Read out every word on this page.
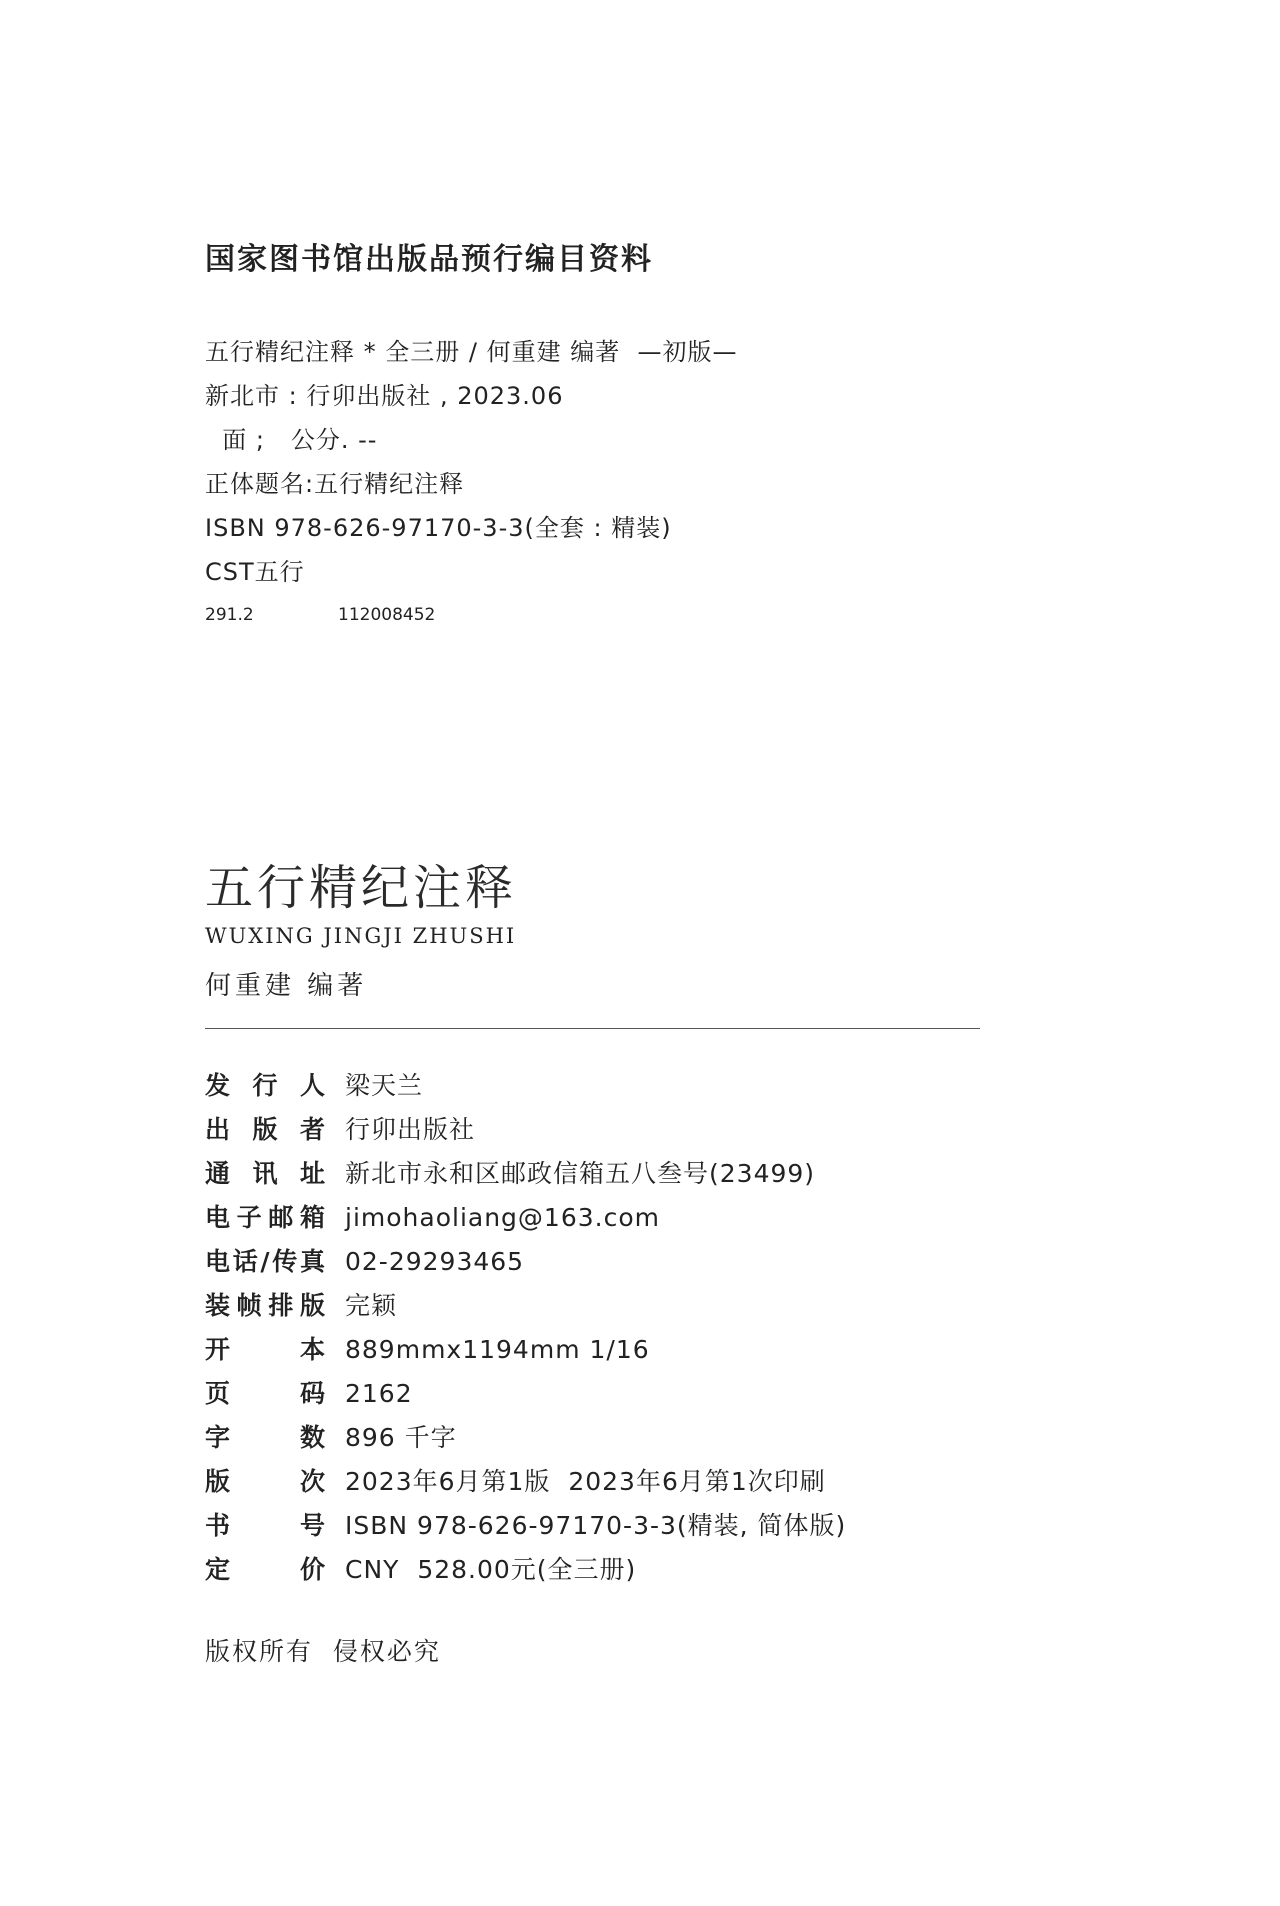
国家图书馆出版品预行编目资料
五行精纪注释 * 全三册 / 何重建 编著  —初版—
新北市 : 行卯出版社 , 2023.06
面 ;   公分. --
正体题名:五行精纪注释
ISBN 978-626-97170-3-3(全套 : 精装)
CST五行
291.2	112008452
五行精纪注释
WUXING JINGJI ZHUSHI
何重建 编著
发 行 人 梁天兰
出 版 者 行卯出版社
通 讯 址 新北市永和区邮政信箱五八叁号(23499)
电 子 邮 箱 jimohaoliang@163.com
电 话 / 传 真 02-29293465
装 帧 排 版 完颖
开	本 889mmx1194mm 1/16
页	码 2162
字	数 896 千字
版	次 2023年6月第1版  2023年6月第1次印刷
书	号 ISBN 978-626-97170-3-3(精装, 简体版)
定	价 CNY  528.00元(全三册)
版权所有  侵权必究
